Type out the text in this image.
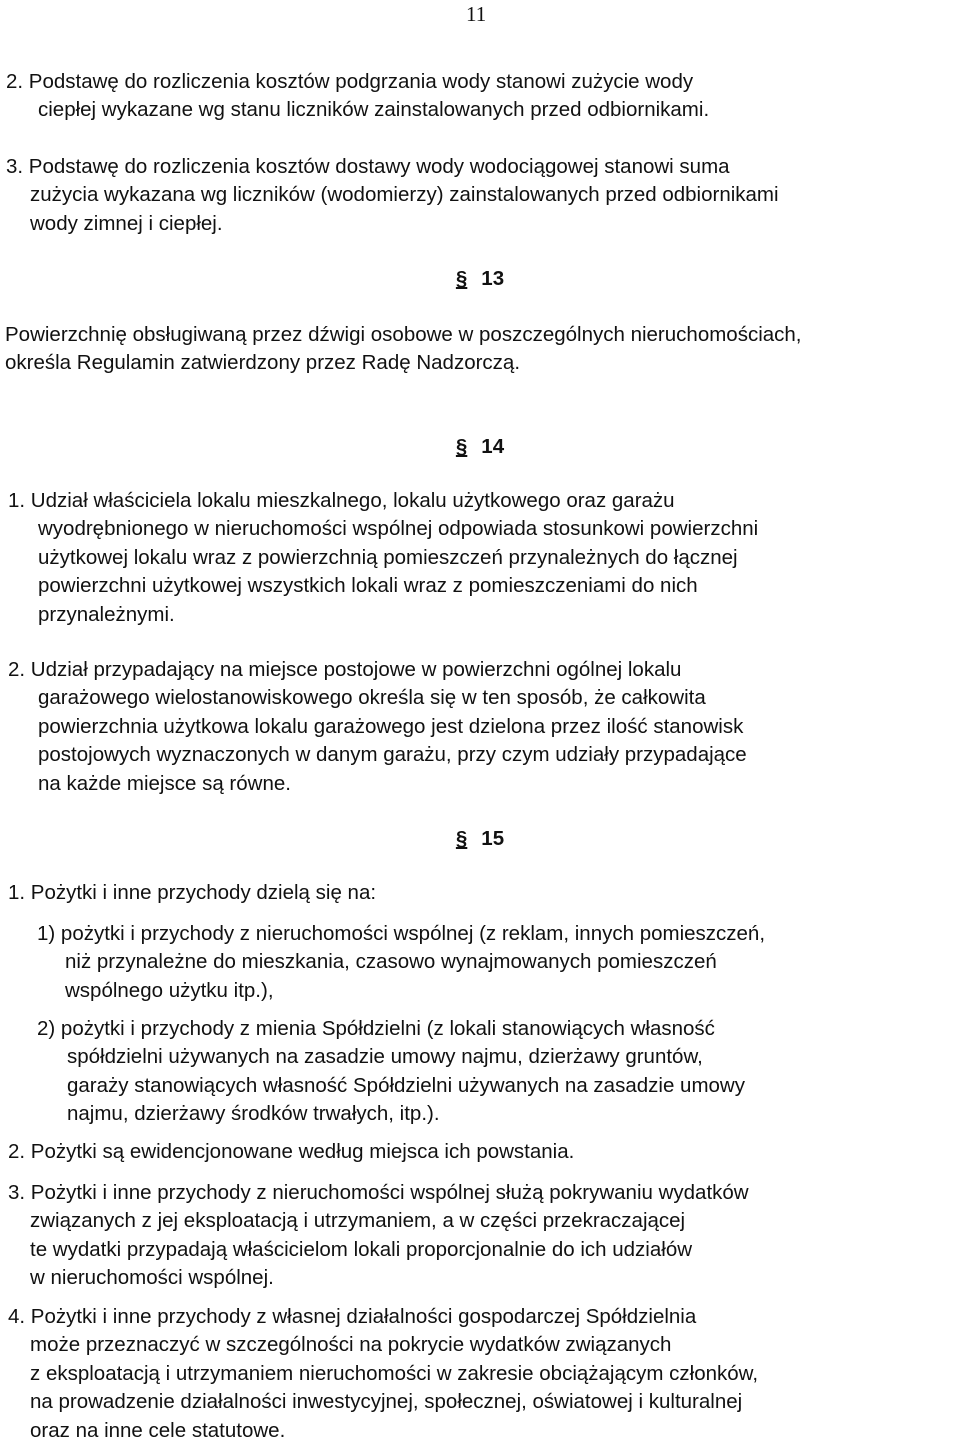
11
2. Podstawę do rozliczenia kosztów podgrzania wody stanowi zużycie wody
ciepłej wykazane wg stanu liczników zainstalowanych przed odbiornikami.
3. Podstawę do rozliczenia kosztów dostawy wody wodociągowej stanowi suma
zużycia wykazana wg liczników (wodomierzy) zainstalowanych przed odbiornikami
wody zimnej i ciepłej.
§ 13
Powierzchnię obsługiwaną przez dźwigi osobowe w poszczególnych nieruchomościach,
określa Regulamin zatwierdzony przez Radę Nadzorczą.
§ 14
1. Udział właściciela lokalu mieszkalnego, lokalu użytkowego oraz garażu
wyodrębnionego w nieruchomości wspólnej odpowiada stosunkowi powierzchni
użytkowej lokalu wraz z powierzchnią pomieszczeń przynależnych do łącznej
powierzchni użytkowej wszystkich lokali wraz z pomieszczeniami do nich
przynależnymi.
2. Udział przypadający na miejsce postojowe w powierzchni ogólnej lokalu
garażowego wielostanowiskowego określa się w ten sposób, że całkowita
powierzchnia użytkowa lokalu garażowego jest dzielona przez ilość stanowisk
postojowych wyznaczonych w danym garażu, przy czym udziały przypadające
na każde miejsce są równe.
§ 15
1. Pożytki i inne przychody dzielą się na:
1) pożytki i przychody z nieruchomości wspólnej (z reklam, innych pomieszczeń,
niż przynależne do mieszkania, czasowo wynajmowanych pomieszczeń
wspólnego użytku itp.),
2) pożytki i przychody z mienia Spółdzielni (z lokali stanowiących własność
spółdzielni używanych na zasadzie umowy najmu, dzierżawy gruntów,
garaży stanowiących własność Spółdzielni używanych na zasadzie umowy
najmu, dzierżawy środków trwałych, itp.).
2. Pożytki są ewidencjonowane według miejsca ich powstania.
3. Pożytki i inne przychody z nieruchomości wspólnej służą pokrywaniu wydatków
związanych z jej eksploatacją i utrzymaniem, a w części przekraczającej
te wydatki przypadają właścicielom lokali proporcjonalnie do ich udziałów
w nieruchomości wspólnej.
4. Pożytki i inne przychody z własnej działalności gospodarczej Spółdzielnia
może przeznaczyć w szczególności na pokrycie wydatków związanych
z eksploatacją i utrzymaniem nieruchomości w zakresie obciążającym członków,
na prowadzenie działalności inwestycyjnej, społecznej, oświatowej i kulturalnej
oraz na inne cele statutowe.
